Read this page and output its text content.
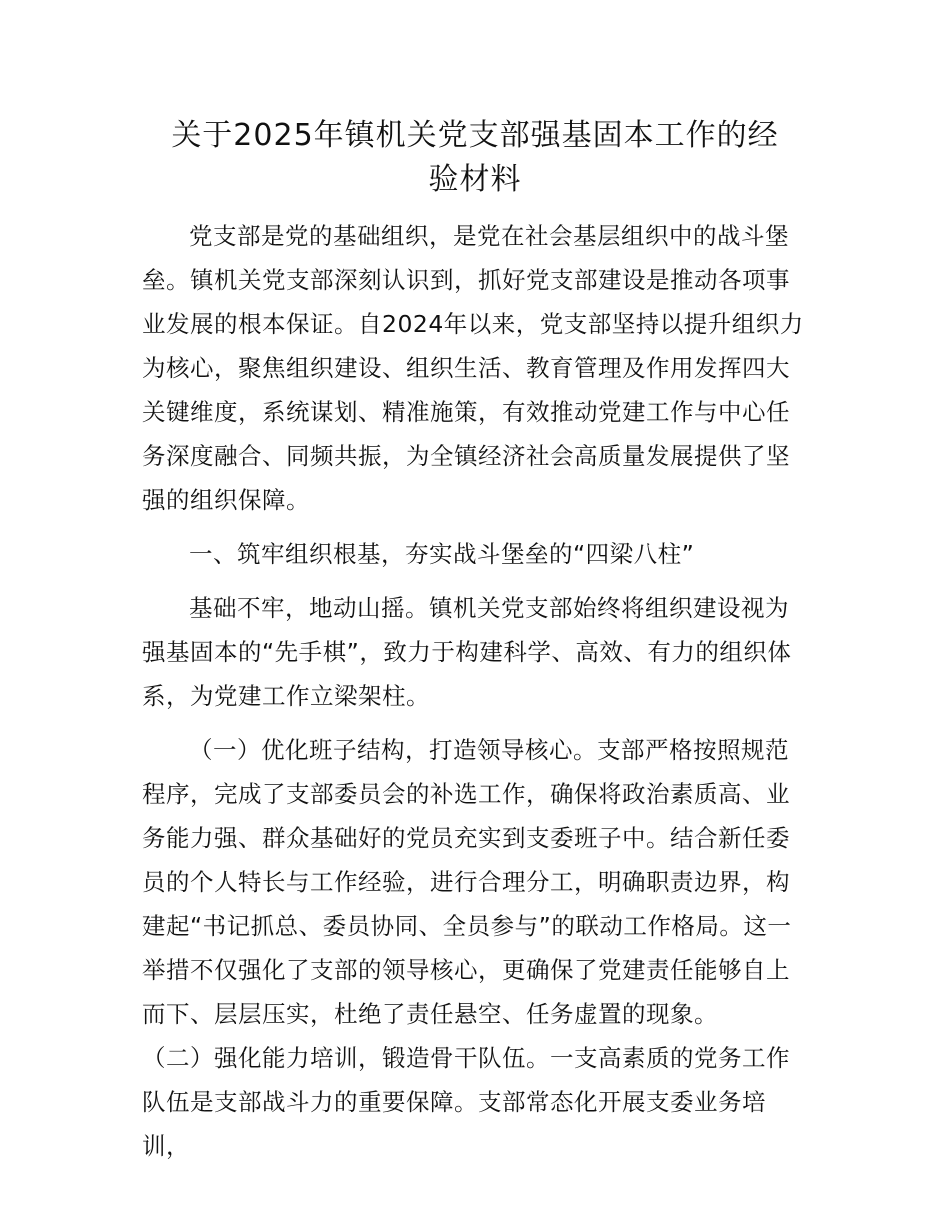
关于2025年镇机关党支部强基固本工作的经
验材料

党支部是党的基础组织，是党在社会基层组织中的战斗堡垒。镇机关党支部深刻认识到，抓好党支部建设是推动各项事业发展的根本保证。自2024年以来，党支部坚持以提升组织力为核心，聚焦组织建设、组织生活、教育管理及作用发挥四大关键维度，系统谋划、精准施策，有效推动党建工作与中心任务深度融合、同频共振，为全镇经济社会高质量发展提供了坚强的组织保障。

一、筑牢组织根基，夯实战斗堡垒的“四梁八柱”

基础不牢，地动山摇。镇机关党支部始终将组织建设视为强基固本的“先手棋”，致力于构建科学、高效、有力的组织体系，为党建工作立梁架柱。

（一）优化班子结构，打造领导核心。支部严格按照规范程序，完成了支部委员会的补选工作，确保将政治素质高、业务能力强、群众基础好的党员充实到支委班子中。结合新任委员的个人特长与工作经验，进行合理分工，明确职责边界，构建起“书记抓总、委员协同、全员参与”的联动工作格局。这一举措不仅强化了支部的领导核心，更确保了党建责任能够自上而下、层层压实，杜绝了责任悬空、任务虚置的现象。

（二）强化能力培训，锻造骨干队伍。一支高素质的党务工作队伍是支部战斗力的重要保障。支部常态化开展支委业务培训，
